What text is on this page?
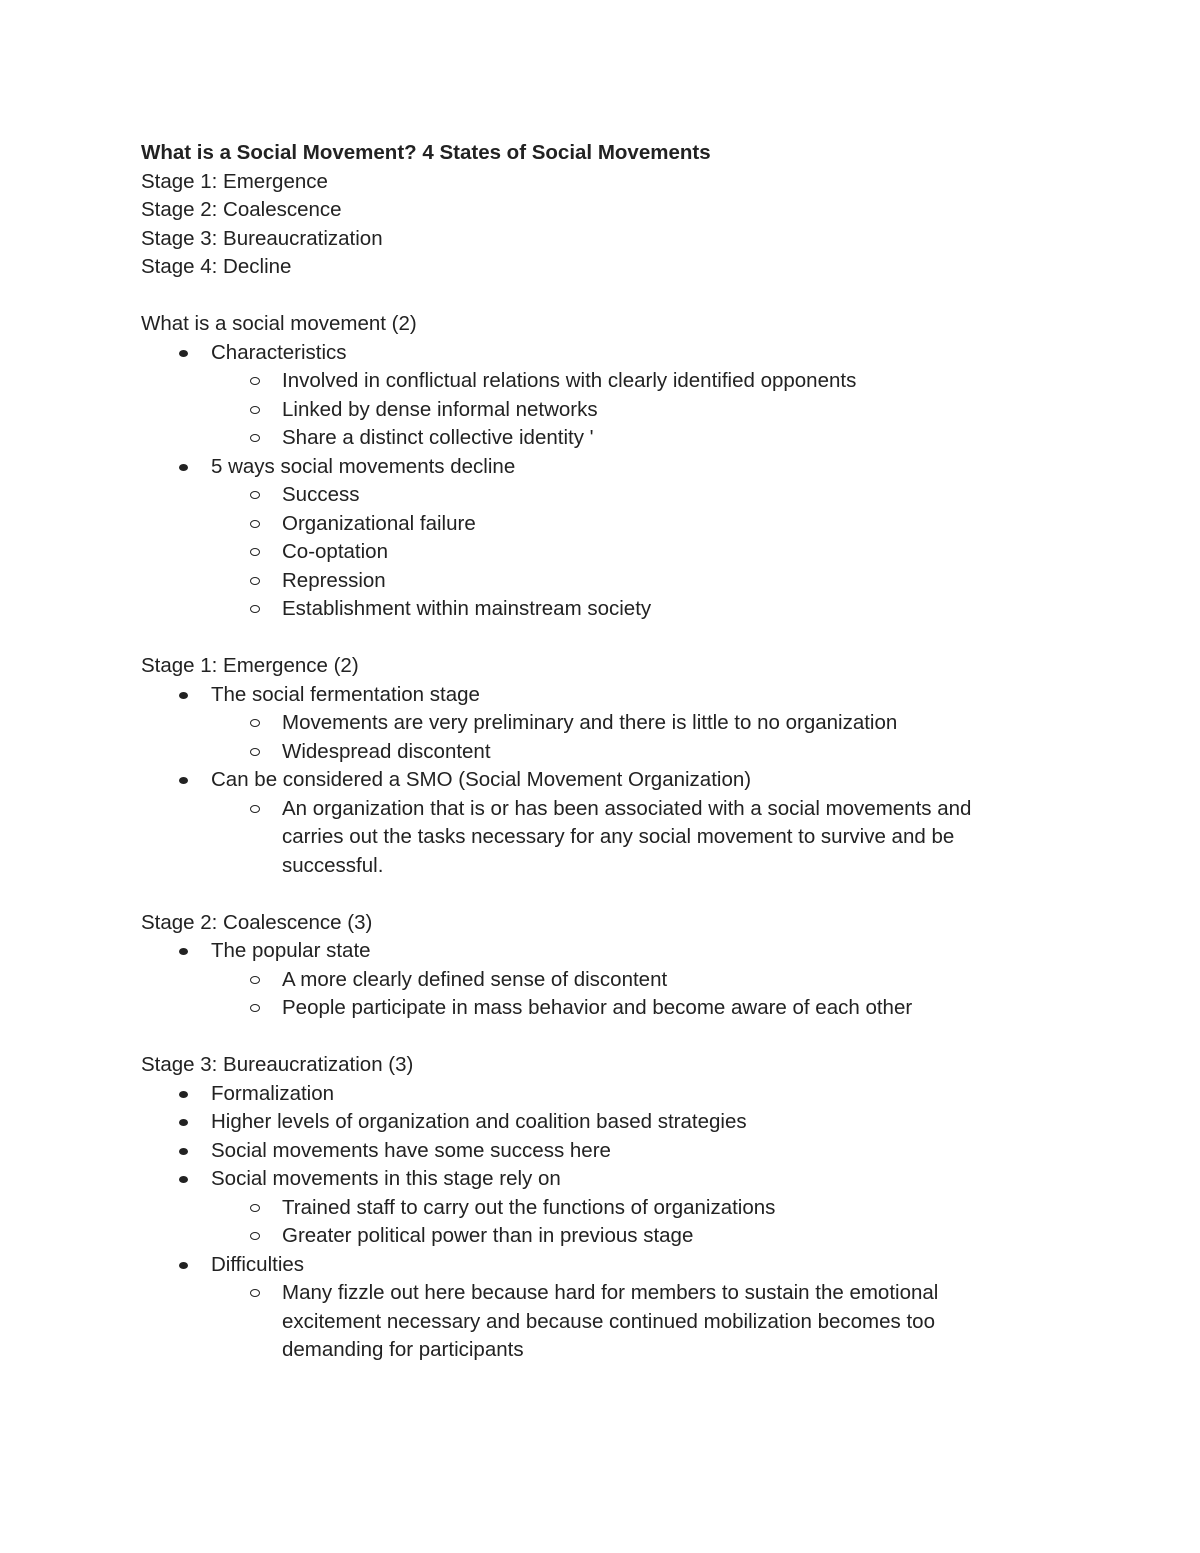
What is a Social Movement? 4 States of Social Movements

Stage 1: Emergence

Stage 2: Coalescence

Stage 3: Bureaucratization

Stage 4: Decline

What is a social movement (2)

Characteristics
Involved in conflictual relations with clearly identified opponents
Linked by dense informal networks
Share a distinct collective identity '
5 ways social movements decline
Success
Organizational failure
Co-optation
Repression
Establishment within mainstream society

Stage 1: Emergence (2)

The social fermentation stage
Movements are very preliminary and there is little to no organization
Widespread discontent
Can be considered a SMO (Social Movement Organization)
An organization that is or has been associated with a social movements and carries out the tasks necessary for any social movement to survive and be successful.

Stage 2: Coalescence (3)

The popular state
A more clearly defined sense of discontent
People participate in mass behavior and become aware of each other

Stage 3: Bureaucratization (3)

Formalization
Higher levels of organization and coalition based strategies
Social movements have some success here
Social movements in this stage rely on
Trained staff to carry out the functions of organizations
Greater political power than in previous stage
Difficulties
Many fizzle out here because hard for members to sustain the emotional excitement necessary and because continued mobilization becomes too demanding for participants
